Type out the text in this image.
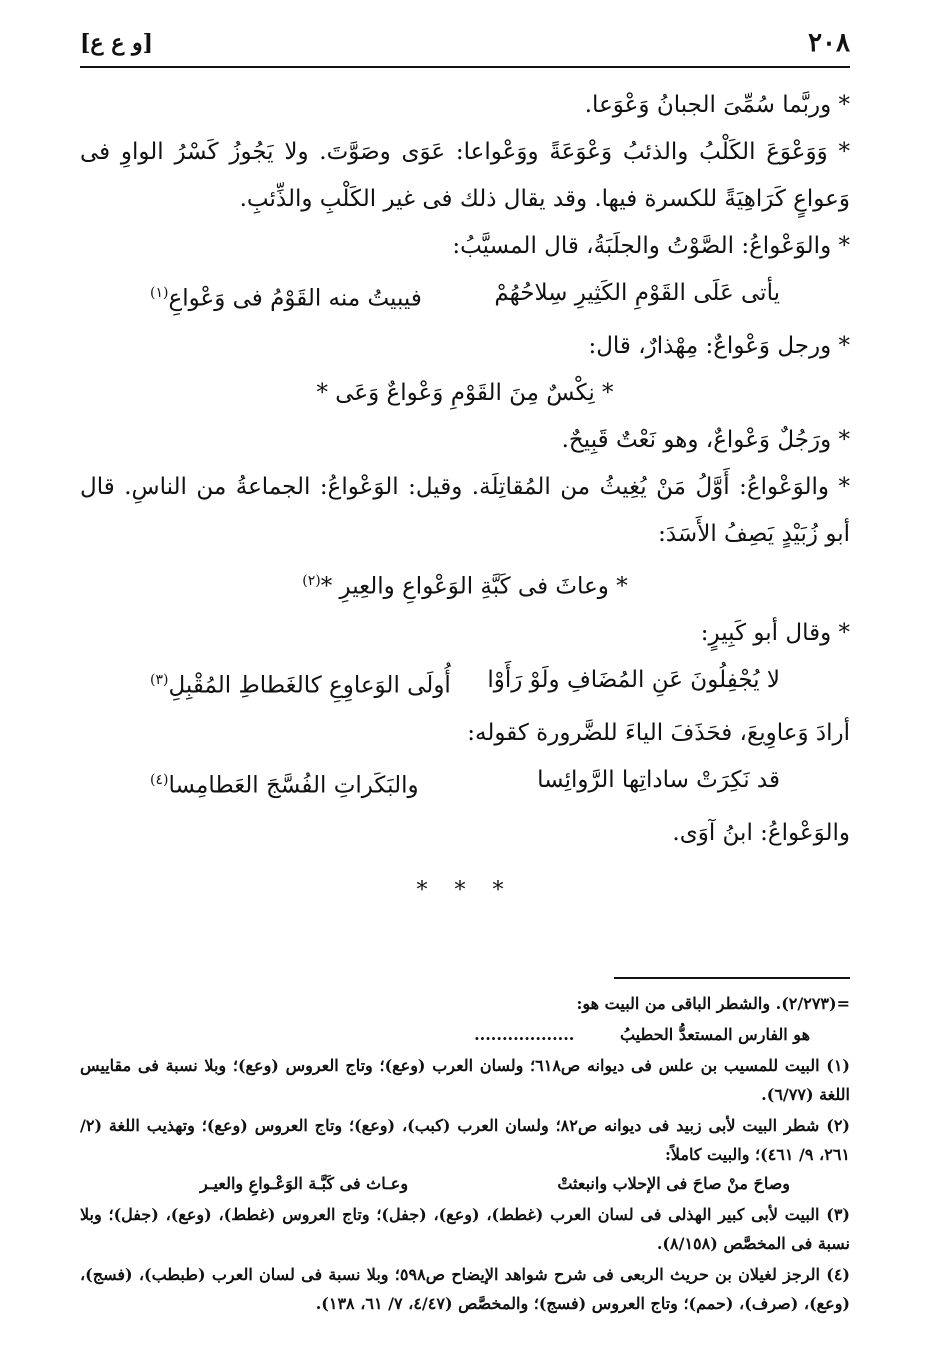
٢٠٨
[و ع ع]

* وربَّما سُمِّىَ الجبانُ وَعْوَعا.

* وَوَعْوَعَ الكَلْبُ والذئبُ وَعْوَعَةً ووَعْواعا: عَوَى وصَوَّتَ. ولا يَجُوزُ كَسْرُ الواوِ فى وَعواعٍ كَرَاهِيَةً للكسرة فيها. وقد يقال ذلك فى غير الكَلْبِ والذِّئبِ.

* والوَعْواعُ: الصَّوْتُ والجلَبَةُ، قال المسيَّبُ:

يأتى عَلَى القَوْمِ الكَثِيرِ سِلاحُهُمْ
فيبيتُ منه القَوْمُ فى وَعْواعِ$^{(١)}$

* ورجل وَعْواعٌ: مِهْذارٌ، قال:

* نِكْسٌ مِنَ القَوْمِ وَعْواعٌ وَعَى *

* ورَجُلٌ وَعْواعٌ، وهو نَعْتٌ قَبِيحٌ.

* والوَعْواعُ: أَوَّلُ مَنْ يُغِيثُ من المُقاتِلَة. وقيل: الوَعْواعُ: الجماعةُ من الناسِ. قال أبو زُبَيْدٍ يَصِفُ الأَسَدَ:

* وعاثَ فى كَبَّةِ الوَعْواعِ والعِيرِ *$^{(٢)}$

* وقال أبو كَبِيرٍ:

لا يُجْفِلُونَ عَنِ المُضَافِ ولَوْ رَأَوْا
أُولَى الوَعاوِعِ كالغَطاطِ المُقْبِلِ$^{(٣)}$

أرادَ وَعاوِيعَ، فحَذَفَ الياءَ للضَّرورة كقوله:

قد نَكِرَتْ ساداتِها الرَّوائِسا
والبَكَراتِ الفُسَّجَ العَطامِسا$^{(٤)}$

والوَعْواعُ: ابنُ آوَى.

* * *

=(٢/٢٧٣). والشطر الباقى من البيت هو:

هو الفارس المستعدُّ الحطيبُ ..................

(١) البيت للمسيب بن علس فى ديوانه ص٦١٨؛ ولسان العرب (وعع)؛ وتاج العروس (وعع)؛ وبلا نسبة فى مقاييس اللغة (٦/٧٧).

(٢) شطر البيت لأبى زبيد فى ديوانه ص٨٢؛ ولسان العرب (كبب)، (وعع)؛ وتاج العروس (وعع)؛ وتهذيب اللغة (٢/ ٢٦١، ٩/ ٤٦١)؛ والبيت كاملاً:

وصاحَ منْ صاحَ فى الإحلاب وانبعثتْ
وعـاث فى كَبَّـة الوَعْـواعِ والعيـر

(٣) البيت لأبى كبير الهذلى فى لسان العرب (غطط)، (وعع)، (جفل)؛ وتاج العروس (غطط)، (وعع)، (جفل)؛ وبلا نسبة فى المخصَّص (٨/١٥٨).

(٤) الرجز لغيلان بن حريث الربعى فى شرح شواهد الإيضاح ص٥٩٨؛ وبلا نسبة فى لسان العرب (طبطب)، (فسج)، (وعع)، (صرف)، (حمم)؛ وتاج العروس (فسج)؛ والمخصَّص (٤/٤٧، ٧/ ٦١، ١٣٨).
